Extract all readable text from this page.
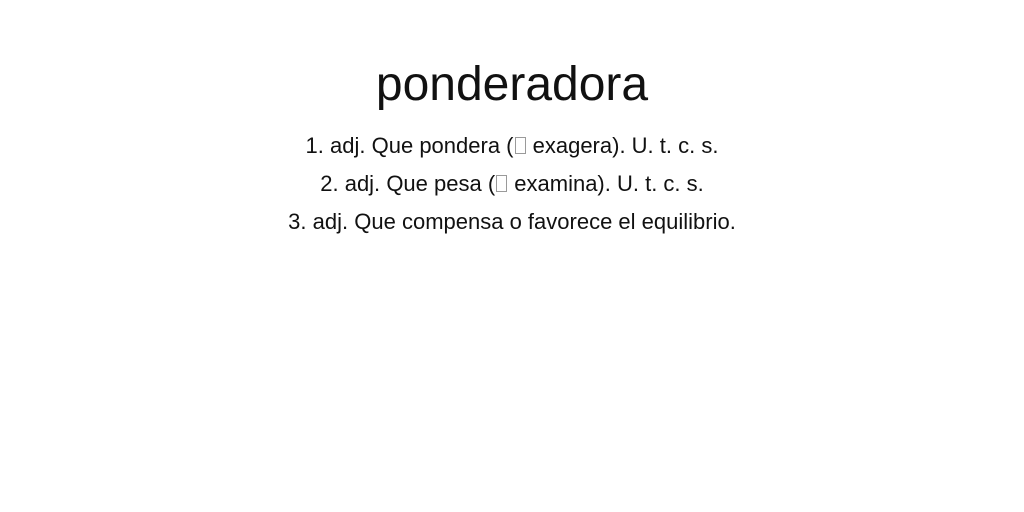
ponderadora
1. adj. Que pondera ( exagera). U. t. c. s.
2. adj. Que pesa ( examina). U. t. c. s.
3. adj. Que compensa o favorece el equilibrio.
